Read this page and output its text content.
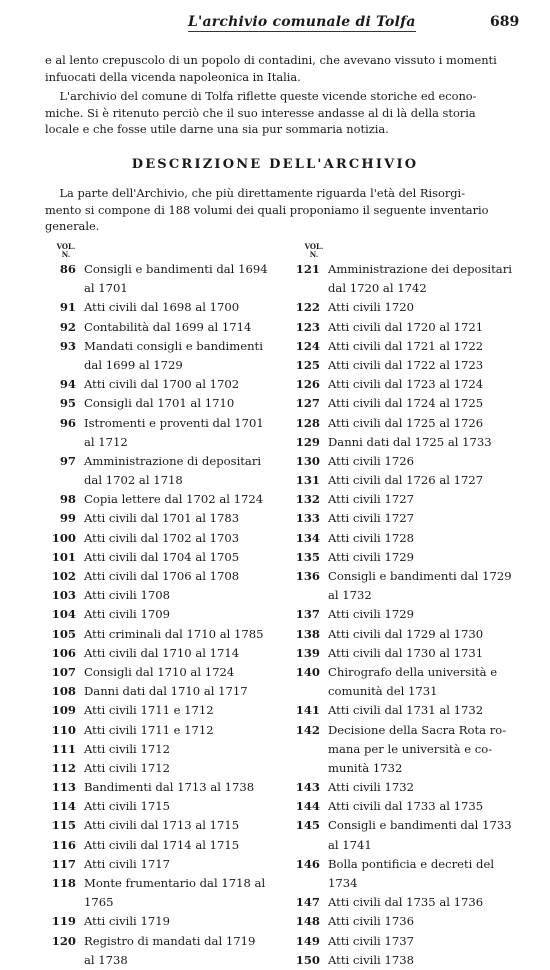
L'archivio comunale di Tolfa	689
e al lento crepuscolo di un popolo di contadini, che avevano vissuto i momenti
infuocati della vicenda napoleonica in Italia.
L'archivio del comune di Tolfa riflette queste vicende storiche ed econo-
miche. Si è ritenuto perciò che il suo interesse andasse al di là della storia
locale e che fosse utile darne una sia pur sommaria notizia.
DESCRIZIONE DELL'ARCHIVIO
La parte dell'Archivio, che più direttamente riguarda l'età del Risorgi-
mento si compone di 188 volumi dei quali proponiamo il seguente inventario
generale.
VOL.
N.
VOL.
N.
86 Consigli e bandimenti dal 1694
al 1701
91 Atti civili dal 1698 al 1700
92 Contabilità dal 1699 al 1714
93 Mandati consigli e bandimenti
dal 1699 al 1729
94 Atti civili dal 1700 al 1702
95 Consigli dal 1701 al 1710
96 Istromenti e proventi dal 1701
al 1712
97 Amministrazione di depositari
dal 1702 al 1718
98 Copia lettere dal 1702 al 1724
99 Atti civili dal 1701 al 1783
100 Atti civili dal 1702 al 1703
101 Atti civili dal 1704 al 1705
102 Atti civili dal 1706 al 1708
103 Atti civili 1708
104 Atti civili 1709
105 Atti criminali dal 1710 al 1785
106 Atti civili dal 1710 al 1714
107 Consigli dal 1710 al 1724
108 Danni dati dal 1710 al 1717
109 Atti civili 1711 e 1712
110 Atti civili 1711 e 1712
111 Atti civili 1712
112 Atti civili 1712
113 Bandimenti dal 1713 al 1738
114 Atti civili 1715
115 Atti civili dal 1713 al 1715
116 Atti civili dal 1714 al 1715
117 Atti civili 1717
118 Monte frumentario dal 1718 al
1765
119 Atti civili 1719
120 Registro di mandati dal 1719
al 1738
121 Amministrazione dei depositari
dal 1720 al 1742
122 Atti civili 1720
123 Atti civili dal 1720 al 1721
124 Atti civili dal 1721 al 1722
125 Atti civili dal 1722 al 1723
126 Atti civili dal 1723 al 1724
127 Atti civili dal 1724 al 1725
128 Atti civili dal 1725 al 1726
129 Danni dati dal 1725 al 1733
130 Atti civili 1726
131 Atti civili dal 1726 al 1727
132 Atti civili 1727
133 Atti civili 1727
134 Atti civili 1728
135 Atti civili 1729
136 Consigli e bandimenti dal 1729
al 1732
137 Atti civili 1729
138 Atti civili dal 1729 al 1730
139 Atti civili dal 1730 al 1731
140 Chirografo della università e
comunità del 1731
141 Atti civili dal 1731 al 1732
142 Decisione della Sacra Rota ro-
mana per le università e co-
munità 1732
143 Atti civili 1732
144 Atti civili dal 1733 al 1735
145 Consigli e bandimenti dal 1733
al 1741
146 Bolla pontificia e decreti del
1734
147 Atti civili dal 1735 al 1736
148 Atti civili 1736
149 Atti civili 1737
150 Atti civili 1738
